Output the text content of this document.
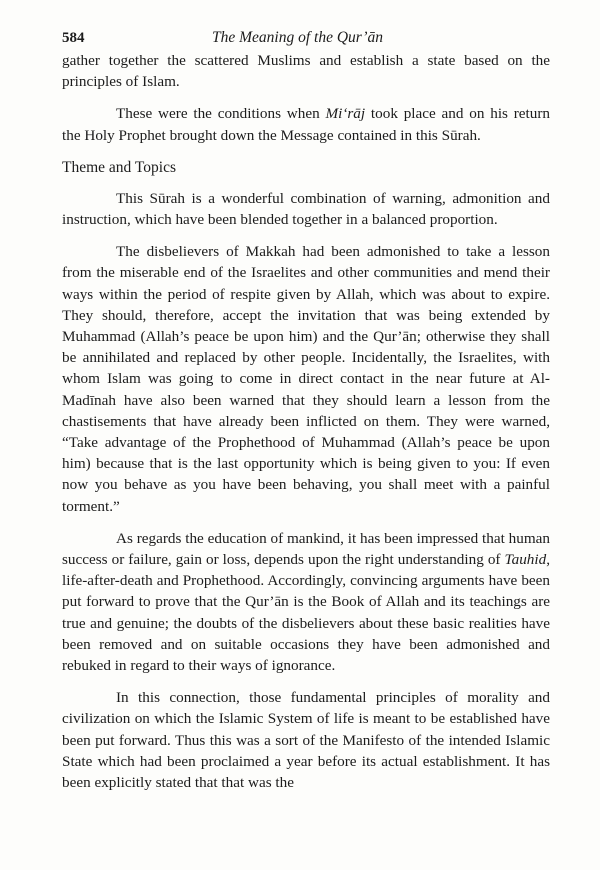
584	The Meaning of the Qur’ān

gather together the scattered Muslims and establish a state based on the principles of Islam.

These were the conditions when Mi‘rāj took place and on his return the Holy Prophet brought down the Message contained in this Sūrah.

Theme and Topics

This Sūrah is a wonderful combination of warning, admonition and instruction, which have been blended together in a balanced proportion.

The disbelievers of Makkah had been admonished to take a lesson from the miserable end of the Israelites and other communities and mend their ways within the period of respite given by Allah, which was about to expire. They should, therefore, accept the invitation that was being extended by Muhammad (Allah’s peace be upon him) and the Qur’ān; otherwise they shall be annihilated and replaced by other people. Incidentally, the Israelites, with whom Islam was going to come in direct contact in the near future at Al-Madīnah have also been warned that they should learn a lesson from the chastisements that have already been inflicted on them. They were warned, “Take advantage of the Prophethood of Muhammad (Allah’s peace be upon him) because that is the last opportunity which is being given to you: If even now you behave as you have been behaving, you shall meet with a painful torment.”

As regards the education of mankind, it has been impressed that human success or failure, gain or loss, depends upon the right understanding of Tauhid, life-after-death and Prophethood. Accordingly, convincing arguments have been put forward to prove that the Qur’ān is the Book of Allah and its teachings are true and genuine; the doubts of the disbelievers about these basic realities have been removed and on suitable occasions they have been admonished and rebuked in regard to their ways of ignorance.

In this connection, those fundamental principles of morality and civilization on which the Islamic System of life is meant to be established have been put forward. Thus this was a sort of the Manifesto of the intended Islamic State which had been proclaimed a year before its actual establishment. It has been explicitly stated that that was the
